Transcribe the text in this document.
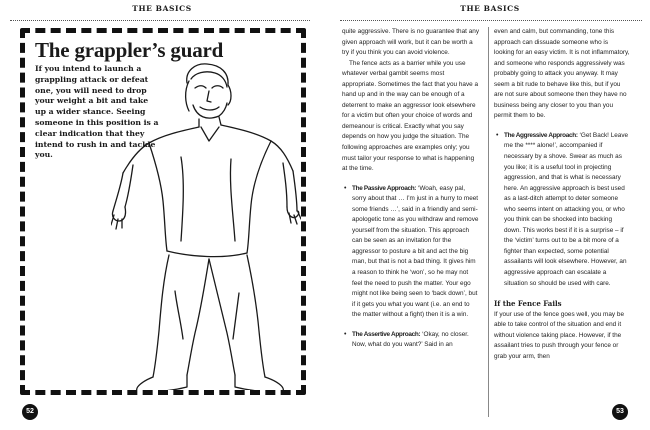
THE BASICS	THE BASICS
The grappler’s guard
If you intend to launch a grappling attack or defeat one, you will need to drop your weight a bit and take up a wider stance. Seeing someone in this position is a clear indication that they intend to rush in and tackle you.

quite aggressive. There is no guarantee that any given approach will work, but it can be worth a try if you think you can avoid violence.

The fence acts as a barrier while you use whatever verbal gambit seems most appropriate. Sometimes the fact that you have a hand up and in the way can be enough of a deterrent to make an aggressor look elsewhere for a victim but often your choice of words and demeanour is critical. Exactly what you say depends on how you judge the situation. The following approaches are examples only; you must tailor your response to what is happening at the time.

• The Passive Approach: ‘Woah, easy pal, sorry about that … I’m just in a hurry to meet some friends …’, said in a friendly and semi-apologetic tone as you withdraw and remove yourself from the situation. This approach can be seen as an invitation for the aggressor to posture a bit and act the big man, but that is not a bad thing. It gives him a reason to think he ‘won’, so he may not feel the need to push the matter. Your ego might not like being seen to ‘back down’, but if it gets you what you want (i.e. an end to the matter without a fight) then it is a win.
• The Assertive Approach: ‘Okay, no closer. Now, what do you want?’ Said in an

even and calm, but commanding, tone this approach can dissuade someone who is looking for an easy victim. It is not inflammatory, and someone who responds aggressively was probably going to attack you anyway. It may seem a bit rude to behave like this, but if you are not sure about someone then they have no business being any closer to you than you permit them to be.

• The Aggressive Approach: ‘Get Back! Leave me the **** alone!’, accompanied if necessary by a shove. Swear as much as you like; it is a useful tool in projecting aggression, and that is what is necessary here. An aggressive approach is best used as a last-ditch attempt to deter someone who seems intent on attacking you, or who you think can be shocked into backing down. This works best if it is a surprise – if the ‘victim’ turns out to be a bit more of a fighter than expected, some potential assailants will look elsewhere. However, an aggressive approach can escalate a situation so should be used with care.
If the Fence Fails

If your use of the fence goes well, you may be able to take control of the situation and end it without violence taking place. However, if the assailant tries to push through your fence or grab your arm, then

52	53
